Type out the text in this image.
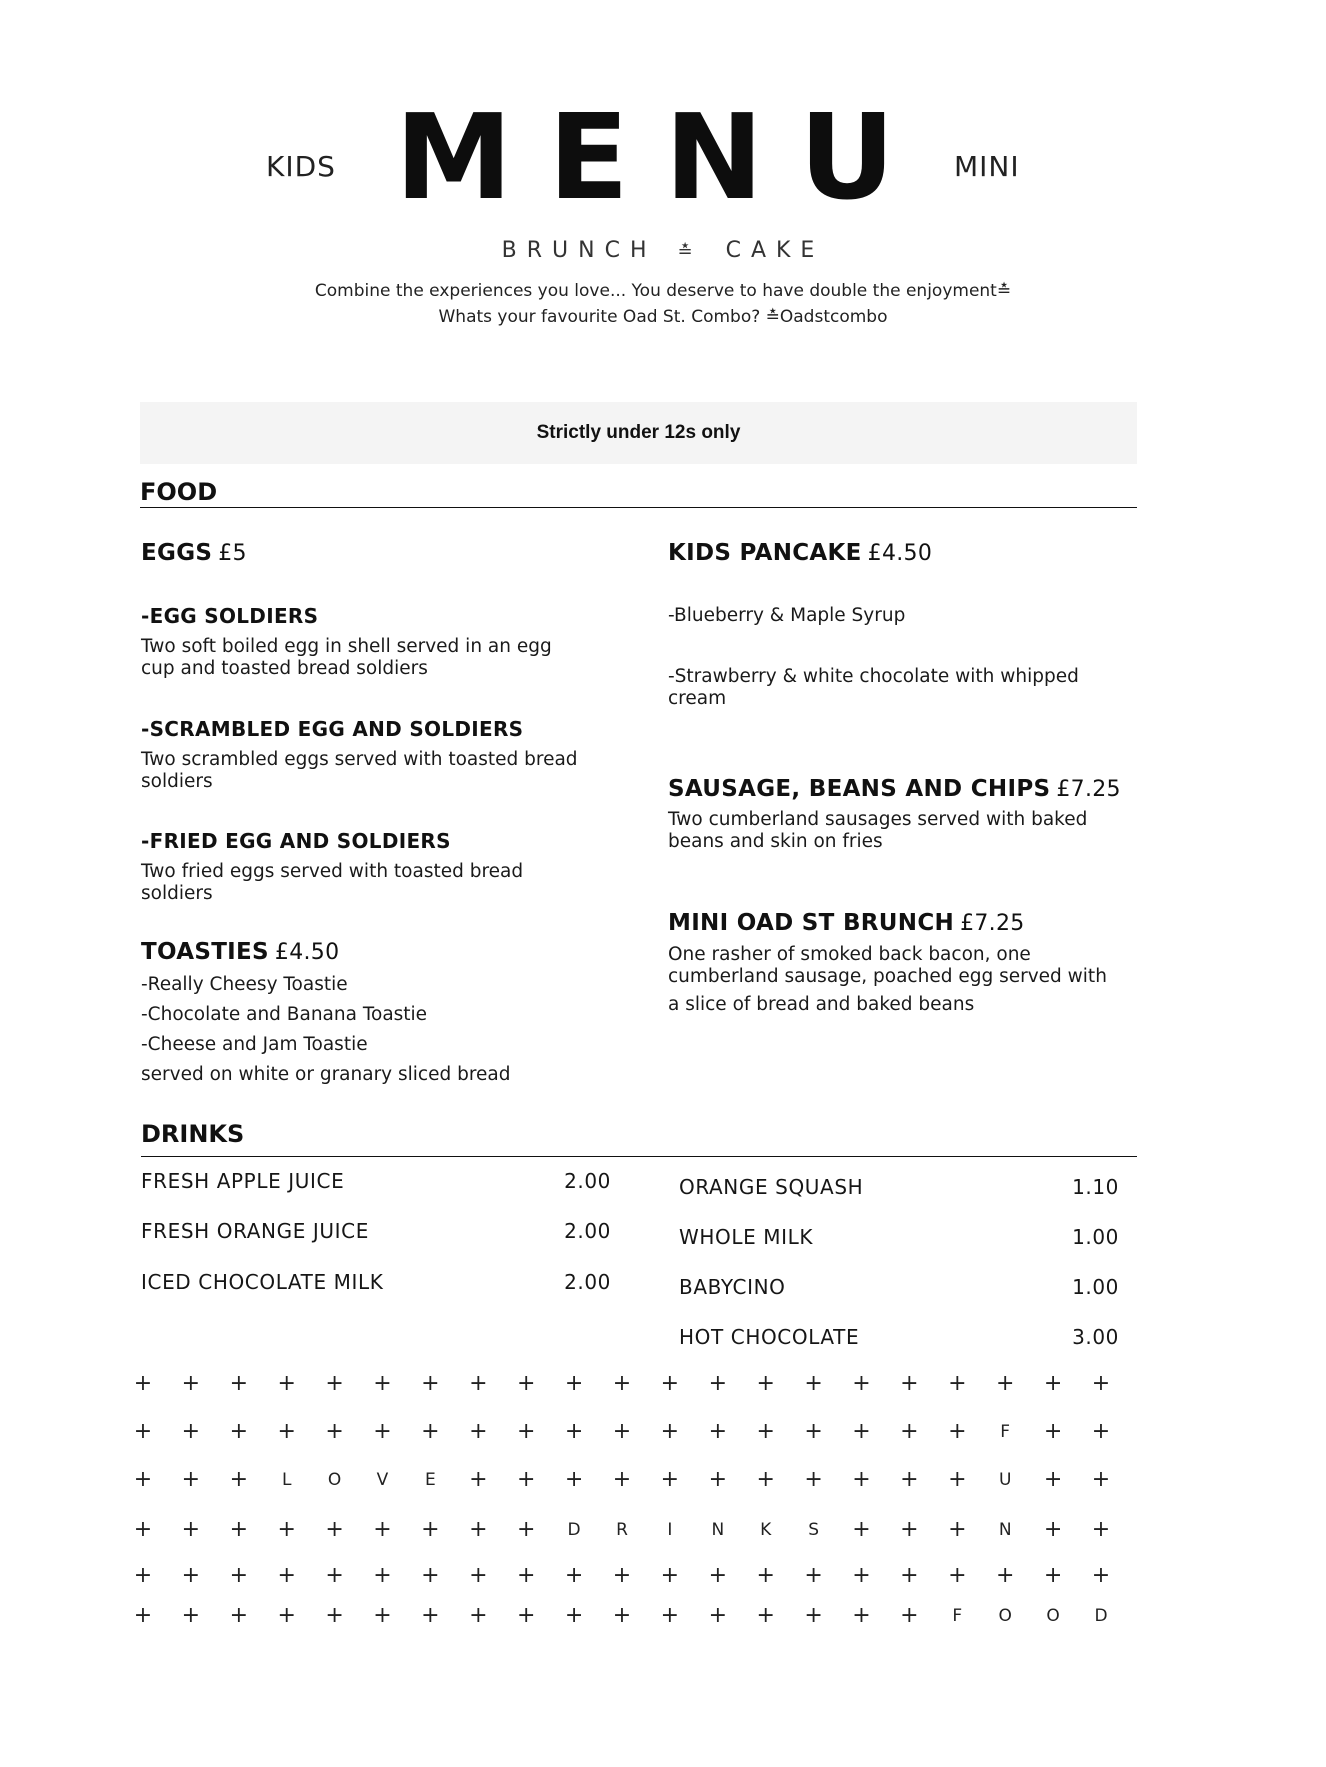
KIDS M E N U MINI
BRUNCH ≛ CAKE
Combine the experiences you love... You deserve to have double the enjoyment≛
Whats your favourite Oad St. Combo? ≛Oadstcombo
Strictly under 12s only
FOOD
EGGS £5
-EGG SOLDIERS
Two soft boiled egg in shell served in an egg
cup and toasted bread soldiers
-SCRAMBLED EGG AND SOLDIERS
Two scrambled eggs served with toasted bread
soldiers
-FRIED EGG AND SOLDIERS
Two fried eggs served with toasted bread
soldiers
TOASTIES £4.50
-Really Cheesy Toastie
-Chocolate and Banana Toastie
-Cheese and Jam Toastie
served on white or granary sliced bread
KIDS PANCAKE £4.50
-Blueberry & Maple Syrup
-Strawberry & white chocolate with whipped
cream
SAUSAGE, BEANS AND CHIPS £7.25
Two cumberland sausages served with baked
beans and skin on fries
MINI OAD ST BRUNCH £7.25
One rasher of smoked back bacon, one
cumberland sausage, poached egg served with
a slice of bread and baked beans
DRINKS
FRESH APPLE JUICE	2.00
FRESH ORANGE JUICE	2.00
ICED CHOCOLATE MILK	2.00
ORANGE SQUASH	1.10
WHOLE MILK	1.00
BABYCINO	1.00
HOT CHOCOLATE	3.00
+ + + + + + + + + + + + + + + + + + + + +
+ + + + + + + + + + + + + + + + + +	F	+ +
+ + +	L	O	V	E	+ + + + + + + + + + +	U + +
+ + + + + + + + +	D	R	I	N	K	S	+ + +	N + +
+ + + + + + + + + + + + + + + + + + + + +
+ + + + + + + + + + + + + + + + +	F	O	O	D
